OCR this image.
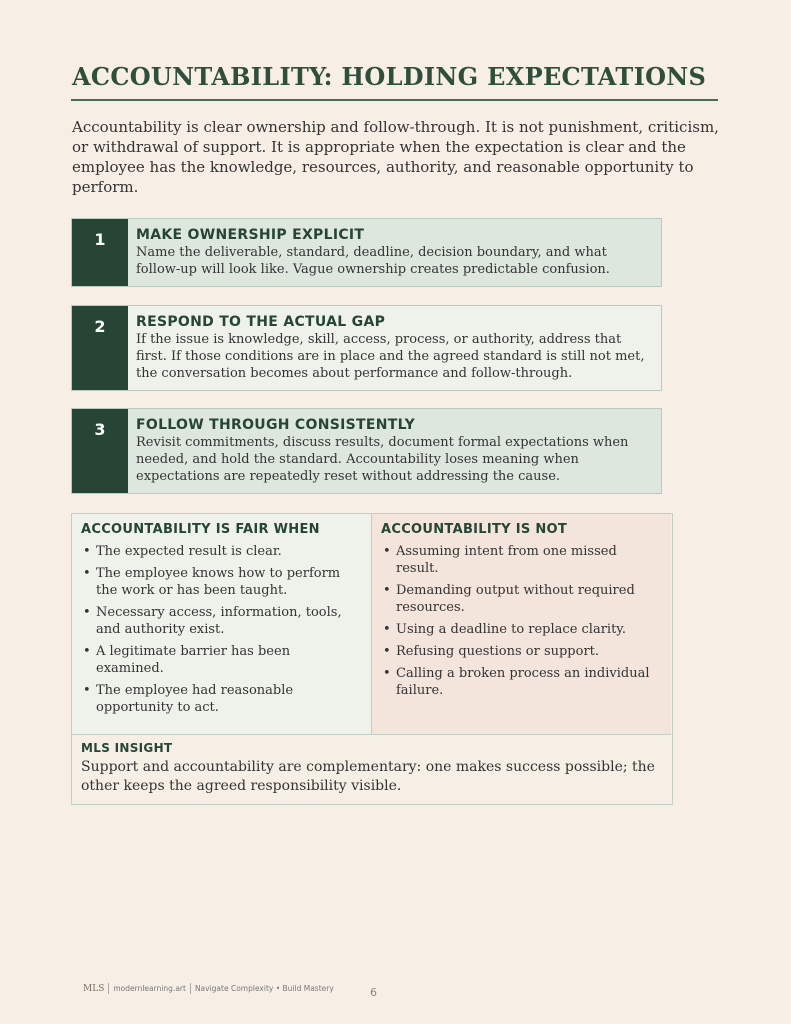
ACCOUNTABILITY: HOLDING EXPECTATIONS
Accountability is clear ownership and follow-through. It is not punishment, criticism, or withdrawal of support. It is appropriate when the expectation is clear and the employee has the knowledge, resources, authority, and reasonable opportunity to perform.
1	MAKE OWNERSHIP EXPLICIT
Name the deliverable, standard, deadline, decision boundary, and what follow-up will look like. Vague ownership creates predictable confusion.
2	RESPOND TO THE ACTUAL GAP
If the issue is knowledge, skill, access, process, or authority, address that first. If those conditions are in place and the agreed standard is still not met, the conversation becomes about performance and follow-through.
3	FOLLOW THROUGH CONSISTENTLY
Revisit commitments, discuss results, document formal expectations when needed, and hold the standard. Accountability loses meaning when expectations are repeatedly reset without addressing the cause.
ACCOUNTABILITY IS FAIR WHEN
• The expected result is clear.
• The employee knows how to perform the work or has been taught.
• Necessary access, information, tools, and authority exist.
• A legitimate barrier has been examined.
• The employee had reasonable opportunity to act.
ACCOUNTABILITY IS NOT
• Assuming intent from one missed result.
• Demanding output without required resources.
• Using a deadline to replace clarity.
• Refusing questions or support.
• Calling a broken process an individual failure.
MLS INSIGHT
Support and accountability are complementary: one makes success possible; the other keeps the agreed responsibility visible.
MLS modernlearning.art Navigate Complexity • Build Mastery	6
